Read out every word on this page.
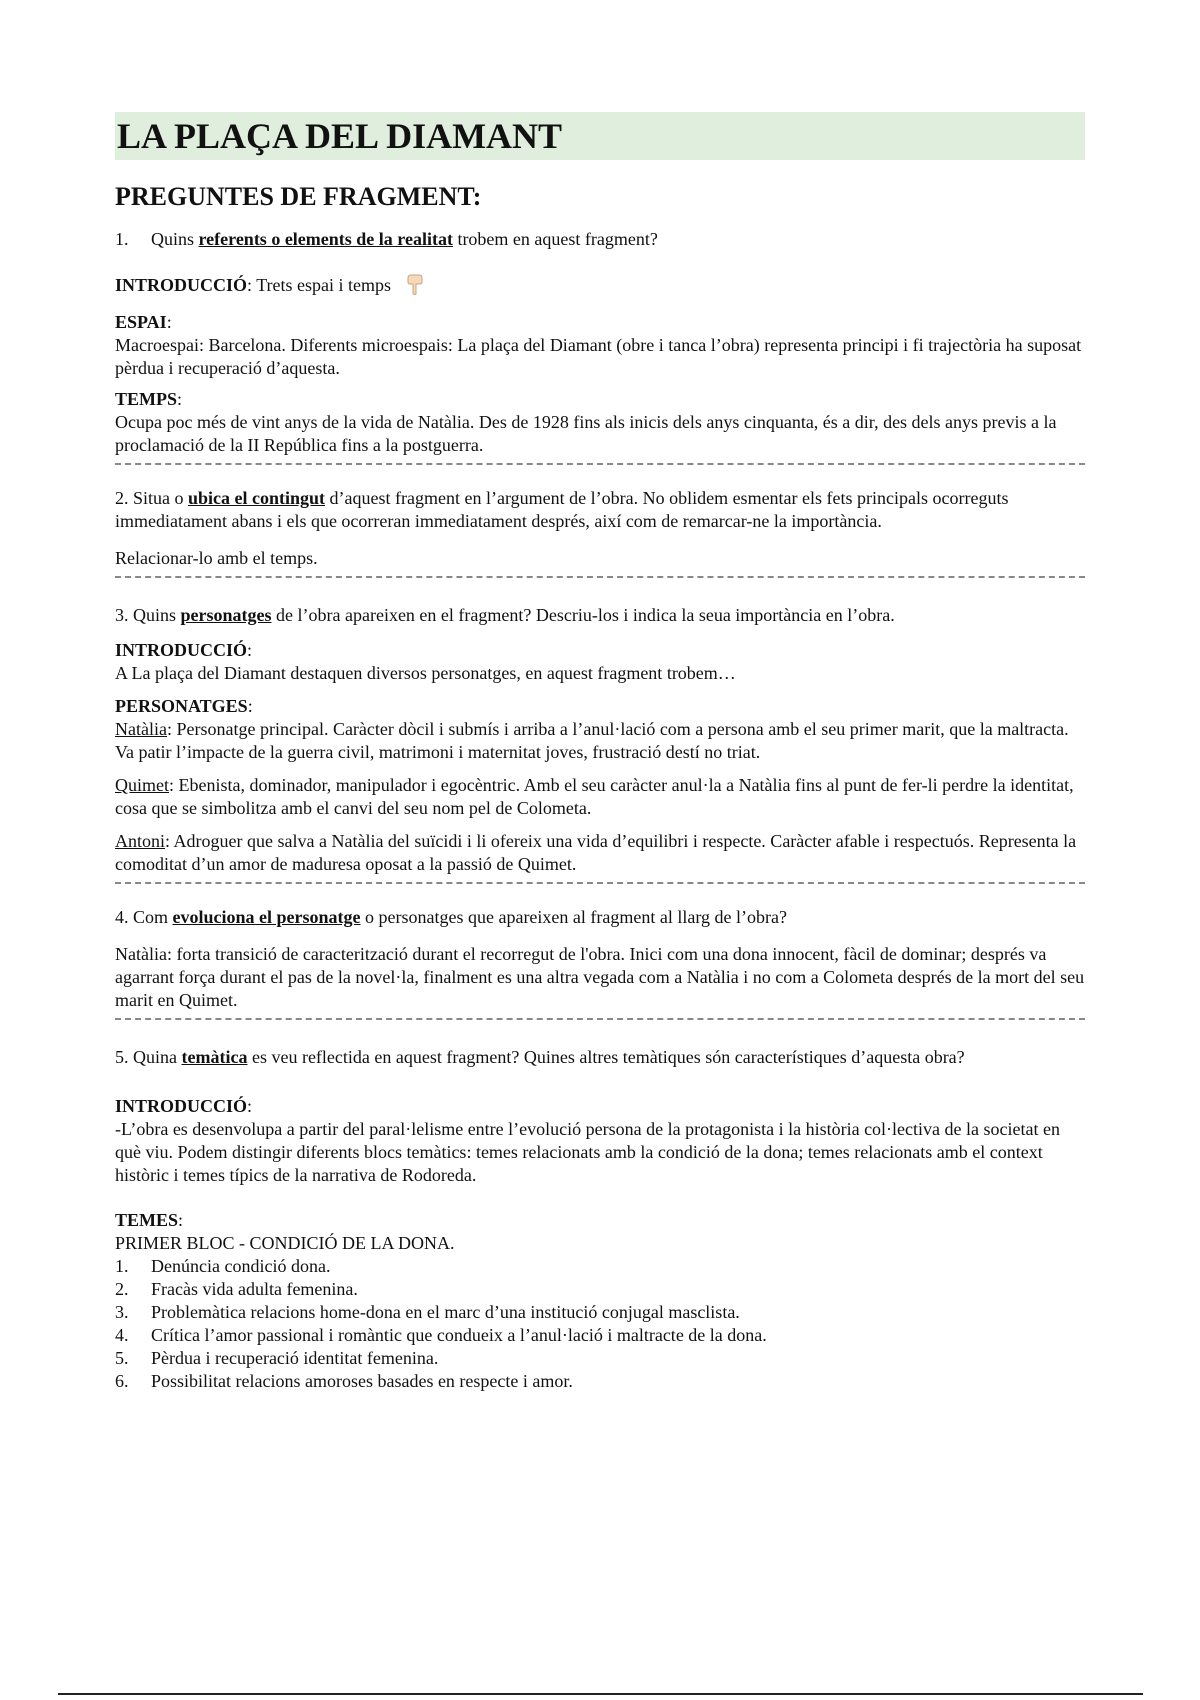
LA PLAÇA DEL DIAMANT
PREGUNTES DE FRAGMENT:

1. Quins referents o elements de la realitat trobem en aquest fragment?

INTRODUCCIÓ: Trets espai i temps

ESPAI:

Macroespai: Barcelona. Diferents microespais: La plaça del Diamant (obre i tanca l’obra) representa principi i fi trajectòria ha suposat pèrdua i recuperació d’aquesta.

TEMPS:

Ocupa poc més de vint anys de la vida de Natàlia. Des de 1928 fins als inicis dels anys cinquanta, és a dir, des dels anys previs a la proclamació de la II República fins a la postguerra.

2. Situa o ubica el contingut d’aquest fragment en l’argument de l’obra. No oblidem esmentar els fets principals ocorreguts immediatament abans i els que ocorreran immediatament després, així com de remarcar-ne la importància.

Relacionar-lo amb el temps.

3. Quins personatges de l’obra apareixen en el fragment? Descriu-los i indica la seua importància en l’obra.

INTRODUCCIÓ:

A La plaça del Diamant destaquen diversos personatges, en aquest fragment trobem…

PERSONATGES:

Natàlia: Personatge principal. Caràcter dòcil i submís i arriba a l’anul·lació com a persona amb el seu primer marit, que la maltracta. Va patir l’impacte de la guerra civil, matrimoni i maternitat joves, frustració destí no triat.

Quimet: Ebenista, dominador, manipulador i egocèntric. Amb el seu caràcter anul·la a Natàlia fins al punt de fer-li perdre la identitat, cosa que se simbolitza amb el canvi del seu nom pel de Colometa.

Antoni: Adroguer que salva a Natàlia del suïcidi i li ofereix una vida d’equilibri i respecte. Caràcter afable i respectuós. Representa la comoditat d’un amor de maduresa oposat a la passió de Quimet.

4. Com evoluciona el personatge o personatges que apareixen al fragment al llarg de l’obra?

Natàlia: forta transició de caracterització durant el recorregut de l'obra. Inici com una dona innocent, fàcil de dominar; després va agarrant força durant el pas de la novel·la, finalment es una altra vegada com a Natàlia i no com a Colometa després de la mort del seu marit en Quimet.

5. Quina temàtica es veu reflectida en aquest fragment? Quines altres temàtiques són característiques d’aquesta obra?

INTRODUCCIÓ:

-L’obra es desenvolupa a partir del paral·lelisme entre l’evolució persona de la protagonista i la història col·lectiva de la societat en què viu. Podem distingir diferents blocs temàtics: temes relacionats amb la condició de la dona; temes relacionats amb el context històric i temes típics de la narrativa de Rodoreda.

TEMES:

PRIMER BLOC - CONDICIÓ DE LA DONA.

1. Denúncia condició dona.
2. Fracàs vida adulta femenina.
3. Problemàtica relacions home-dona en el marc d’una institució conjugal masclista.
4. Crítica l’amor passional i romàntic que condueix a l’anul·lació i maltracte de la dona.
5. Pèrdua i recuperació identitat femenina.
6. Possibilitat relacions amoroses basades en respecte i amor.
